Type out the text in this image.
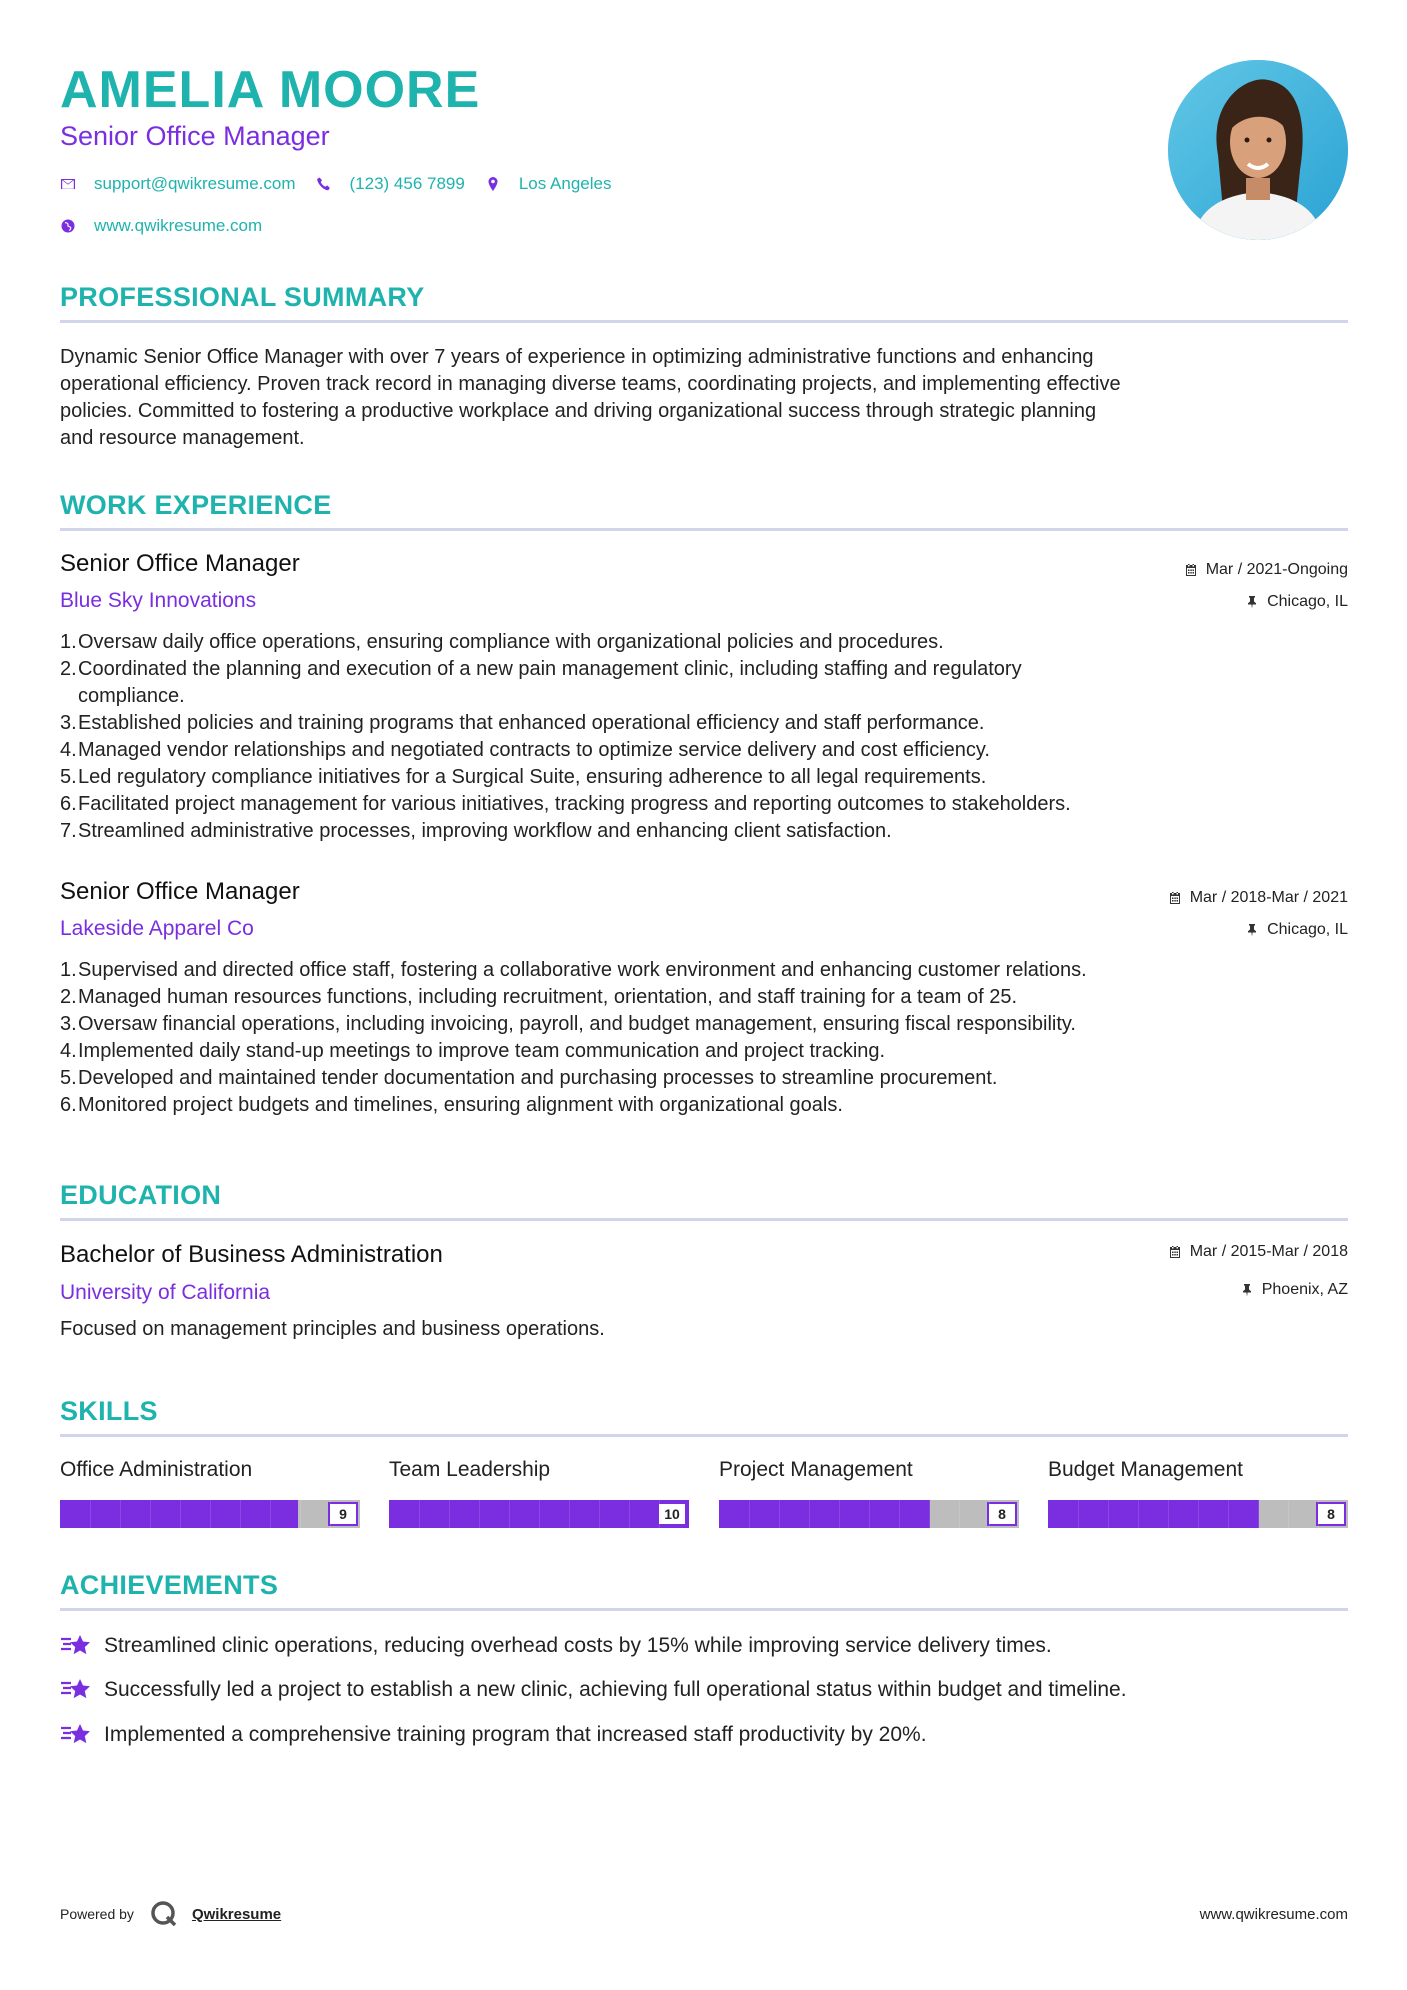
AMELIA MOORE
Senior Office Manager
support@qwikresume.com	(123) 456 7899	Los Angeles
www.qwikresume.com
PROFESSIONAL SUMMARY
Dynamic Senior Office Manager with over 7 years of experience in optimizing administrative functions and enhancing
operational efficiency. Proven track record in managing diverse teams, coordinating projects, and implementing effective
policies. Committed to fostering a productive workplace and driving organizational success through strategic planning
and resource management.
WORK EXPERIENCE
Senior Office Manager
Blue Sky Innovations
Mar / 2021-Ongoing
Chicago, IL
1. Oversaw daily office operations, ensuring compliance with organizational policies and procedures.
2. Coordinated the planning and execution of a new pain management clinic, including staffing and regulatory
compliance.
3. Established policies and training programs that enhanced operational efficiency and staff performance.
4. Managed vendor relationships and negotiated contracts to optimize service delivery and cost efficiency.
5. Led regulatory compliance initiatives for a Surgical Suite, ensuring adherence to all legal requirements.
6. Facilitated project management for various initiatives, tracking progress and reporting outcomes to stakeholders.
7. Streamlined administrative processes, improving workflow and enhancing client satisfaction.
Senior Office Manager
Lakeside Apparel Co
Mar / 2018-Mar / 2021
Chicago, IL
1. Supervised and directed office staff, fostering a collaborative work environment and enhancing customer relations.
2. Managed human resources functions, including recruitment, orientation, and staff training for a team of 25.
3. Oversaw financial operations, including invoicing, payroll, and budget management, ensuring fiscal responsibility.
4. Implemented daily stand-up meetings to improve team communication and project tracking.
5. Developed and maintained tender documentation and purchasing processes to streamline procurement.
6. Monitored project budgets and timelines, ensuring alignment with organizational goals.
EDUCATION
Bachelor of Business Administration
University of California
Mar / 2015-Mar / 2018
Phoenix, AZ
Focused on management principles and business operations.
SKILLS
Office Administration
9
Team Leadership
10
Project Management
8
Budget Management
8
ACHIEVEMENTS
Streamlined clinic operations, reducing overhead costs by 15% while improving service delivery times.
Successfully led a project to establish a new clinic, achieving full operational status within budget and timeline.
Implemented a comprehensive training program that increased staff productivity by 20%.
Powered by	Qwikresume	www.qwikresume.com
